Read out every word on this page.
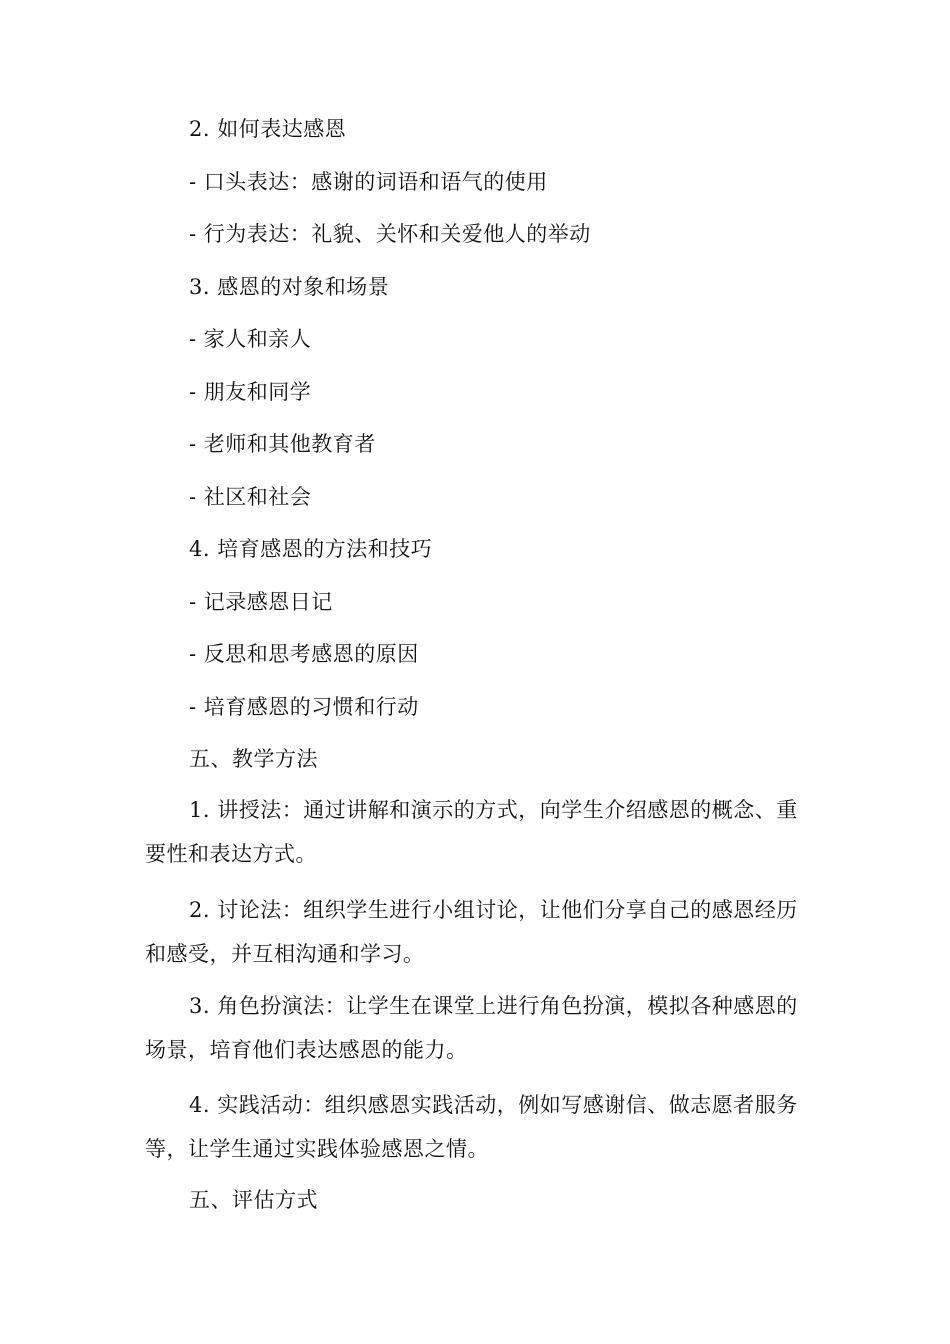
2. 如何表达感恩
- 口头表达：感谢的词语和语气的使用
- 行为表达：礼貌、关怀和关爱他人的举动
3. 感恩的对象和场景
- 家人和亲人
- 朋友和同学
- 老师和其他教育者
- 社区和社会
4. 培育感恩的方法和技巧
- 记录感恩日记
- 反思和思考感恩的原因
- 培育感恩的习惯和行动
五、教学方法
1. 讲授法：通过讲解和演示的方式，向学生介绍感恩的概念、重要性和表达方式。
2. 讨论法：组织学生进行小组讨论，让他们分享自己的感恩经历和感受，并互相沟通和学习。
3. 角色扮演法：让学生在课堂上进行角色扮演，模拟各种感恩的场景，培育他们表达感恩的能力。
4. 实践活动：组织感恩实践活动，例如写感谢信、做志愿者服务等，让学生通过实践体验感恩之情。
五、评估方式
